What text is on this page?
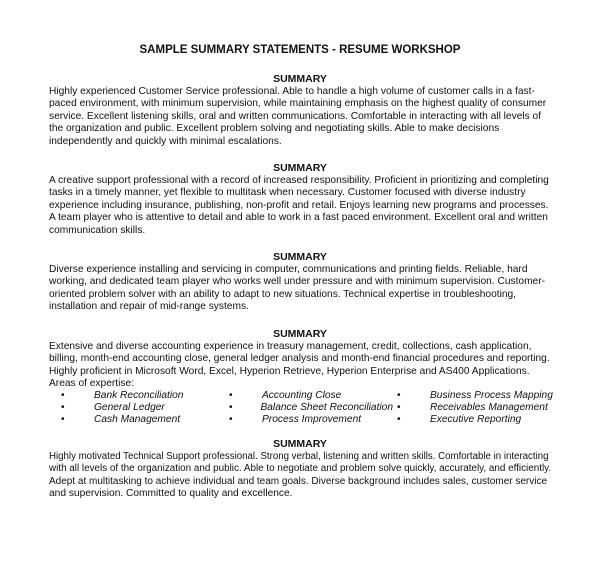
SAMPLE SUMMARY STATEMENTS - RESUME WORKSHOP
SUMMARY
Highly experienced Customer Service professional. Able to handle a high volume of customer calls in a fast-
paced environment, with minimum supervision, while maintaining emphasis on the highest quality of consumer
service. Excellent listening skills, oral and written communications. Comfortable in interacting with all levels of
the organization and public. Excellent problem solving and negotiating skills. Able to make decisions
independently and quickly with minimal escalations.
SUMMARY
A creative support professional with a record of increased responsibility. Proficient in prioritizing and completing
tasks in a timely manner, yet flexible to multitask when necessary. Customer focused with diverse industry
experience including insurance, publishing, non-profit and retail. Enjoys learning new programs and processes.
A team player who is attentive to detail and able to work in a fast paced environment. Excellent oral and written
communication skills.
SUMMARY
Diverse experience installing and servicing in computer, communications and printing fields. Reliable, hard
working, and dedicated team player who works well under pressure and with minimum supervision. Customer-
oriented problem solver with an ability to adapt to new situations. Technical expertise in troubleshooting,
installation and repair of mid-range systems.
SUMMARY
Extensive and diverse accounting experience in treasury management, credit, collections, cash application,
billing, month-end accounting close, general ledger analysis and month-end financial procedures and reporting.
Highly proficient in Microsoft Word, Excel, Hyperion Retrieve, Hyperion Enterprise and AS400 Applications.
Areas of expertise:
•	Bank Reconciliation	•	Accounting Close	•	Business Process Mapping
•	General Ledger	•	Balance Sheet Reconciliation •	Receivables Management
•	Cash Management	•	Process Improvement	•	Executive Reporting
SUMMARY
Highly motivated Technical Support professional. Strong verbal, listening and written skills. Comfortable in interacting
with all levels of the organization and public. Able to negotiate and problem solve quickly, accurately, and efficiently.
Adept at multitasking to achieve individual and team goals. Diverse background includes sales, customer service
and supervision. Committed to quality and excellence.
